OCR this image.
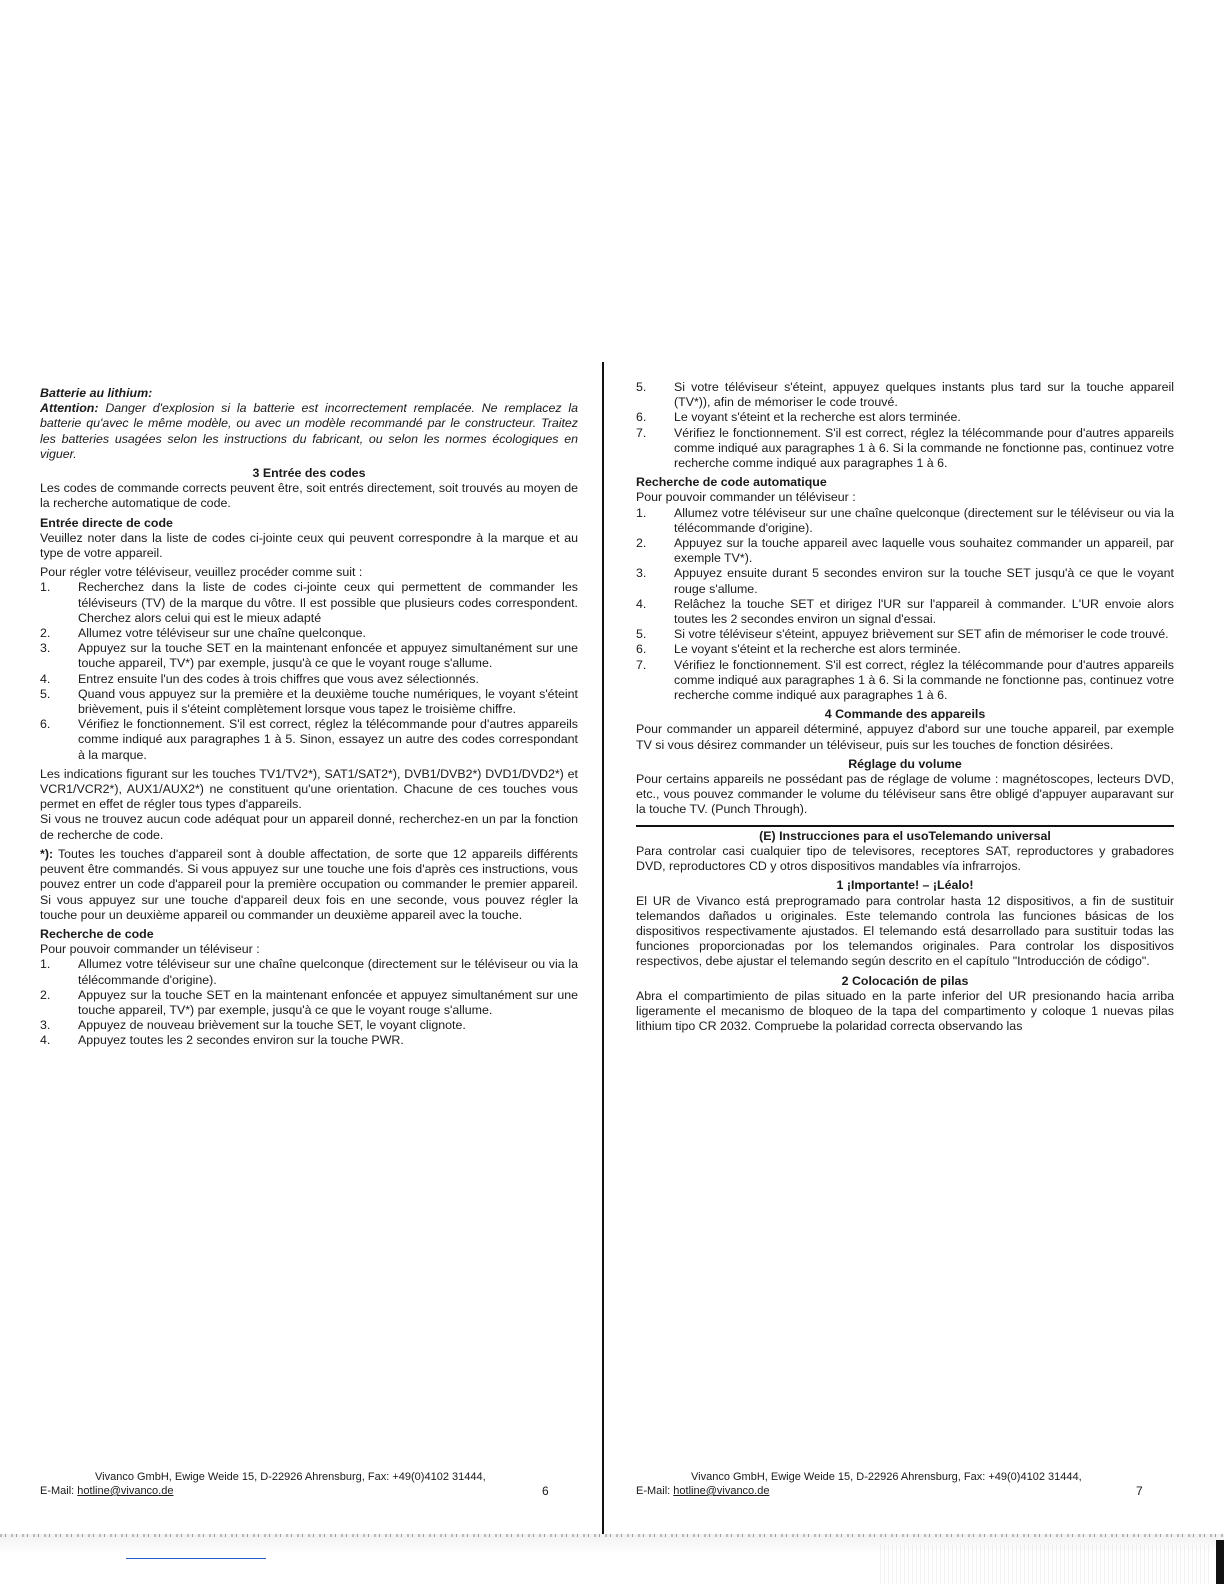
Batterie au lithium:

Attention: Danger d'explosion si la batterie est incorrectement remplacée. Ne remplacez la batterie qu'avec le même modèle, ou avec un modèle recommandé par le constructeur. Traitez les batteries usagées selon les instructions du fabricant, ou selon les normes écologiques en viguer.

3 Entrée des codes

Les codes de commande corrects peuvent être, soit entrés directement, soit trouvés au moyen de la recherche automatique de code.

Entrée directe de code

Veuillez noter dans la liste de codes ci-jointe ceux qui peuvent correspondre à la marque et au type de votre appareil.

Pour régler votre téléviseur, veuillez procéder comme suit :

1. Recherchez dans la liste de codes ci-jointe ceux qui permettent de commander les téléviseurs (TV) de la marque du vôtre. Il est possible que plusieurs codes correspondent. Cherchez alors celui qui est le mieux adapté
2. Allumez votre téléviseur sur une chaîne quelconque.
3. Appuyez sur la touche SET en la maintenant enfoncée et appuyez simultanément sur une touche appareil, TV*) par exemple, jusqu'à ce que le voyant rouge s'allume.
4. Entrez ensuite l'un des codes à trois chiffres que vous avez sélectionnés.
5. Quand vous appuyez sur la première et la deuxième touche numériques, le voyant s'éteint brièvement, puis il s'éteint complètement lorsque vous tapez le troisième chiffre.
6. Vérifiez le fonctionnement. S'il est correct, réglez la télécommande pour d'autres appareils comme indiqué aux paragraphes 1 à 5. Sinon, essayez un autre des codes correspondant à la marque.

Les indications figurant sur les touches TV1/TV2*), SAT1/SAT2*), DVB1/DVB2*) DVD1/DVD2*) et VCR1/VCR2*), AUX1/AUX2*) ne constituent qu'une orientation. Chacune de ces touches vous permet en effet de régler tous types d'appareils.

Si vous ne trouvez aucun code adéquat pour un appareil donné, recherchez-en un par la fonction de recherche de code.

*): Toutes les touches d'appareil sont à double affectation, de sorte que 12 appareils différents peuvent être commandés. Si vous appuyez sur une touche une fois d'après ces instructions, vous pouvez entrer un code d'appareil pour la première occupation ou commander le premier appareil. Si vous appuyez sur une touche d'appareil deux fois en une seconde, vous pouvez régler la touche pour un deuxième appareil ou commander un deuxième appareil avec la touche.

Recherche de code

Pour pouvoir commander un téléviseur :

1. Allumez votre téléviseur sur une chaîne quelconque (directement sur le téléviseur ou via la télécommande d'origine).
2. Appuyez sur la touche SET en la maintenant enfoncée et appuyez simultanément sur une touche appareil, TV*) par exemple, jusqu'à ce que le voyant rouge s'allume.
3. Appuyez de nouveau brièvement sur la touche SET, le voyant clignote.
4. Appuyez toutes les 2 secondes environ sur la touche PWR.
Vivanco GmbH, Ewige Weide 15, D-22926 Ahrensburg, Fax: +49(0)4102 31444,
E-Mail: hotline@vivanco.de	6
5. Si votre téléviseur s'éteint, appuyez quelques instants plus tard sur la touche appareil (TV*)), afin de mémoriser le code trouvé.
6. Le voyant s'éteint et la recherche est alors terminée.
7. Vérifiez le fonctionnement. S'il est correct, réglez la télécommande pour d'autres appareils comme indiqué aux paragraphes 1 à 6. Si la commande ne fonctionne pas, continuez votre recherche comme indiqué aux paragraphes 1 à 6.

Recherche de code automatique

Pour pouvoir commander un téléviseur :

1. Allumez votre téléviseur sur une chaîne quelconque (directement sur le téléviseur ou via la télécommande d'origine).
2. Appuyez sur la touche appareil avec laquelle vous souhaitez commander un appareil, par exemple TV*).
3. Appuyez ensuite durant 5 secondes environ sur la touche SET jusqu'à ce que le voyant rouge s'allume.
4. Relâchez la touche SET et dirigez l'UR sur l'appareil à commander. L'UR envoie alors toutes les 2 secondes environ un signal d'essai.
5. Si votre téléviseur s'éteint, appuyez brièvement sur SET afin de mémoriser le code trouvé.
6. Le voyant s'éteint et la recherche est alors terminée.
7. Vérifiez le fonctionnement. S'il est correct, réglez la télécommande pour d'autres appareils comme indiqué aux paragraphes 1 à 6. Si la commande ne fonctionne pas, continuez votre recherche comme indiqué aux paragraphes 1 à 6.

4 Commande des appareils

Pour commander un appareil déterminé, appuyez d'abord sur une touche appareil, par exemple TV si vous désirez commander un téléviseur, puis sur les touches de fonction désirées.

Réglage du volume

Pour certains appareils ne possédant pas de réglage de volume : magnétoscopes, lecteurs DVD, etc., vous pouvez commander le volume du téléviseur sans être obligé d'appuyer auparavant sur la touche TV. (Punch Through).

(E) Instrucciones para el usoTelemando universal

Para controlar casi cualquier tipo de televisores, receptores SAT, reproductores y grabadores DVD, reproductores CD y otros dispositivos mandables vía infrarrojos.

1 ¡Importante! – ¡Léalo!

El UR de Vivanco está preprogramado para controlar hasta 12 dispositivos, a fin de sustituir telemandos dañados u originales. Este telemando controla las funciones básicas de los dispositivos respectivamente ajustados. El telemando está desarrollado para sustituir todas las funciones proporcionadas por los telemandos originales. Para controlar los dispositivos respectivos, debe ajustar el telemando según descrito en el capítulo "Introducción de código".

2 Colocación de pilas

Abra el compartimiento de pilas situado en la parte inferior del UR presionando hacia arriba ligeramente el mecanismo de bloqueo de la tapa del compartimento y coloque 1 nuevas pilas lithium tipo CR 2032. Compruebe la polaridad correcta observando las

Vivanco GmbH, Ewige Weide 15, D-22926 Ahrensburg, Fax: +49(0)4102 31444,
E-Mail: hotline@vivanco.de	7
